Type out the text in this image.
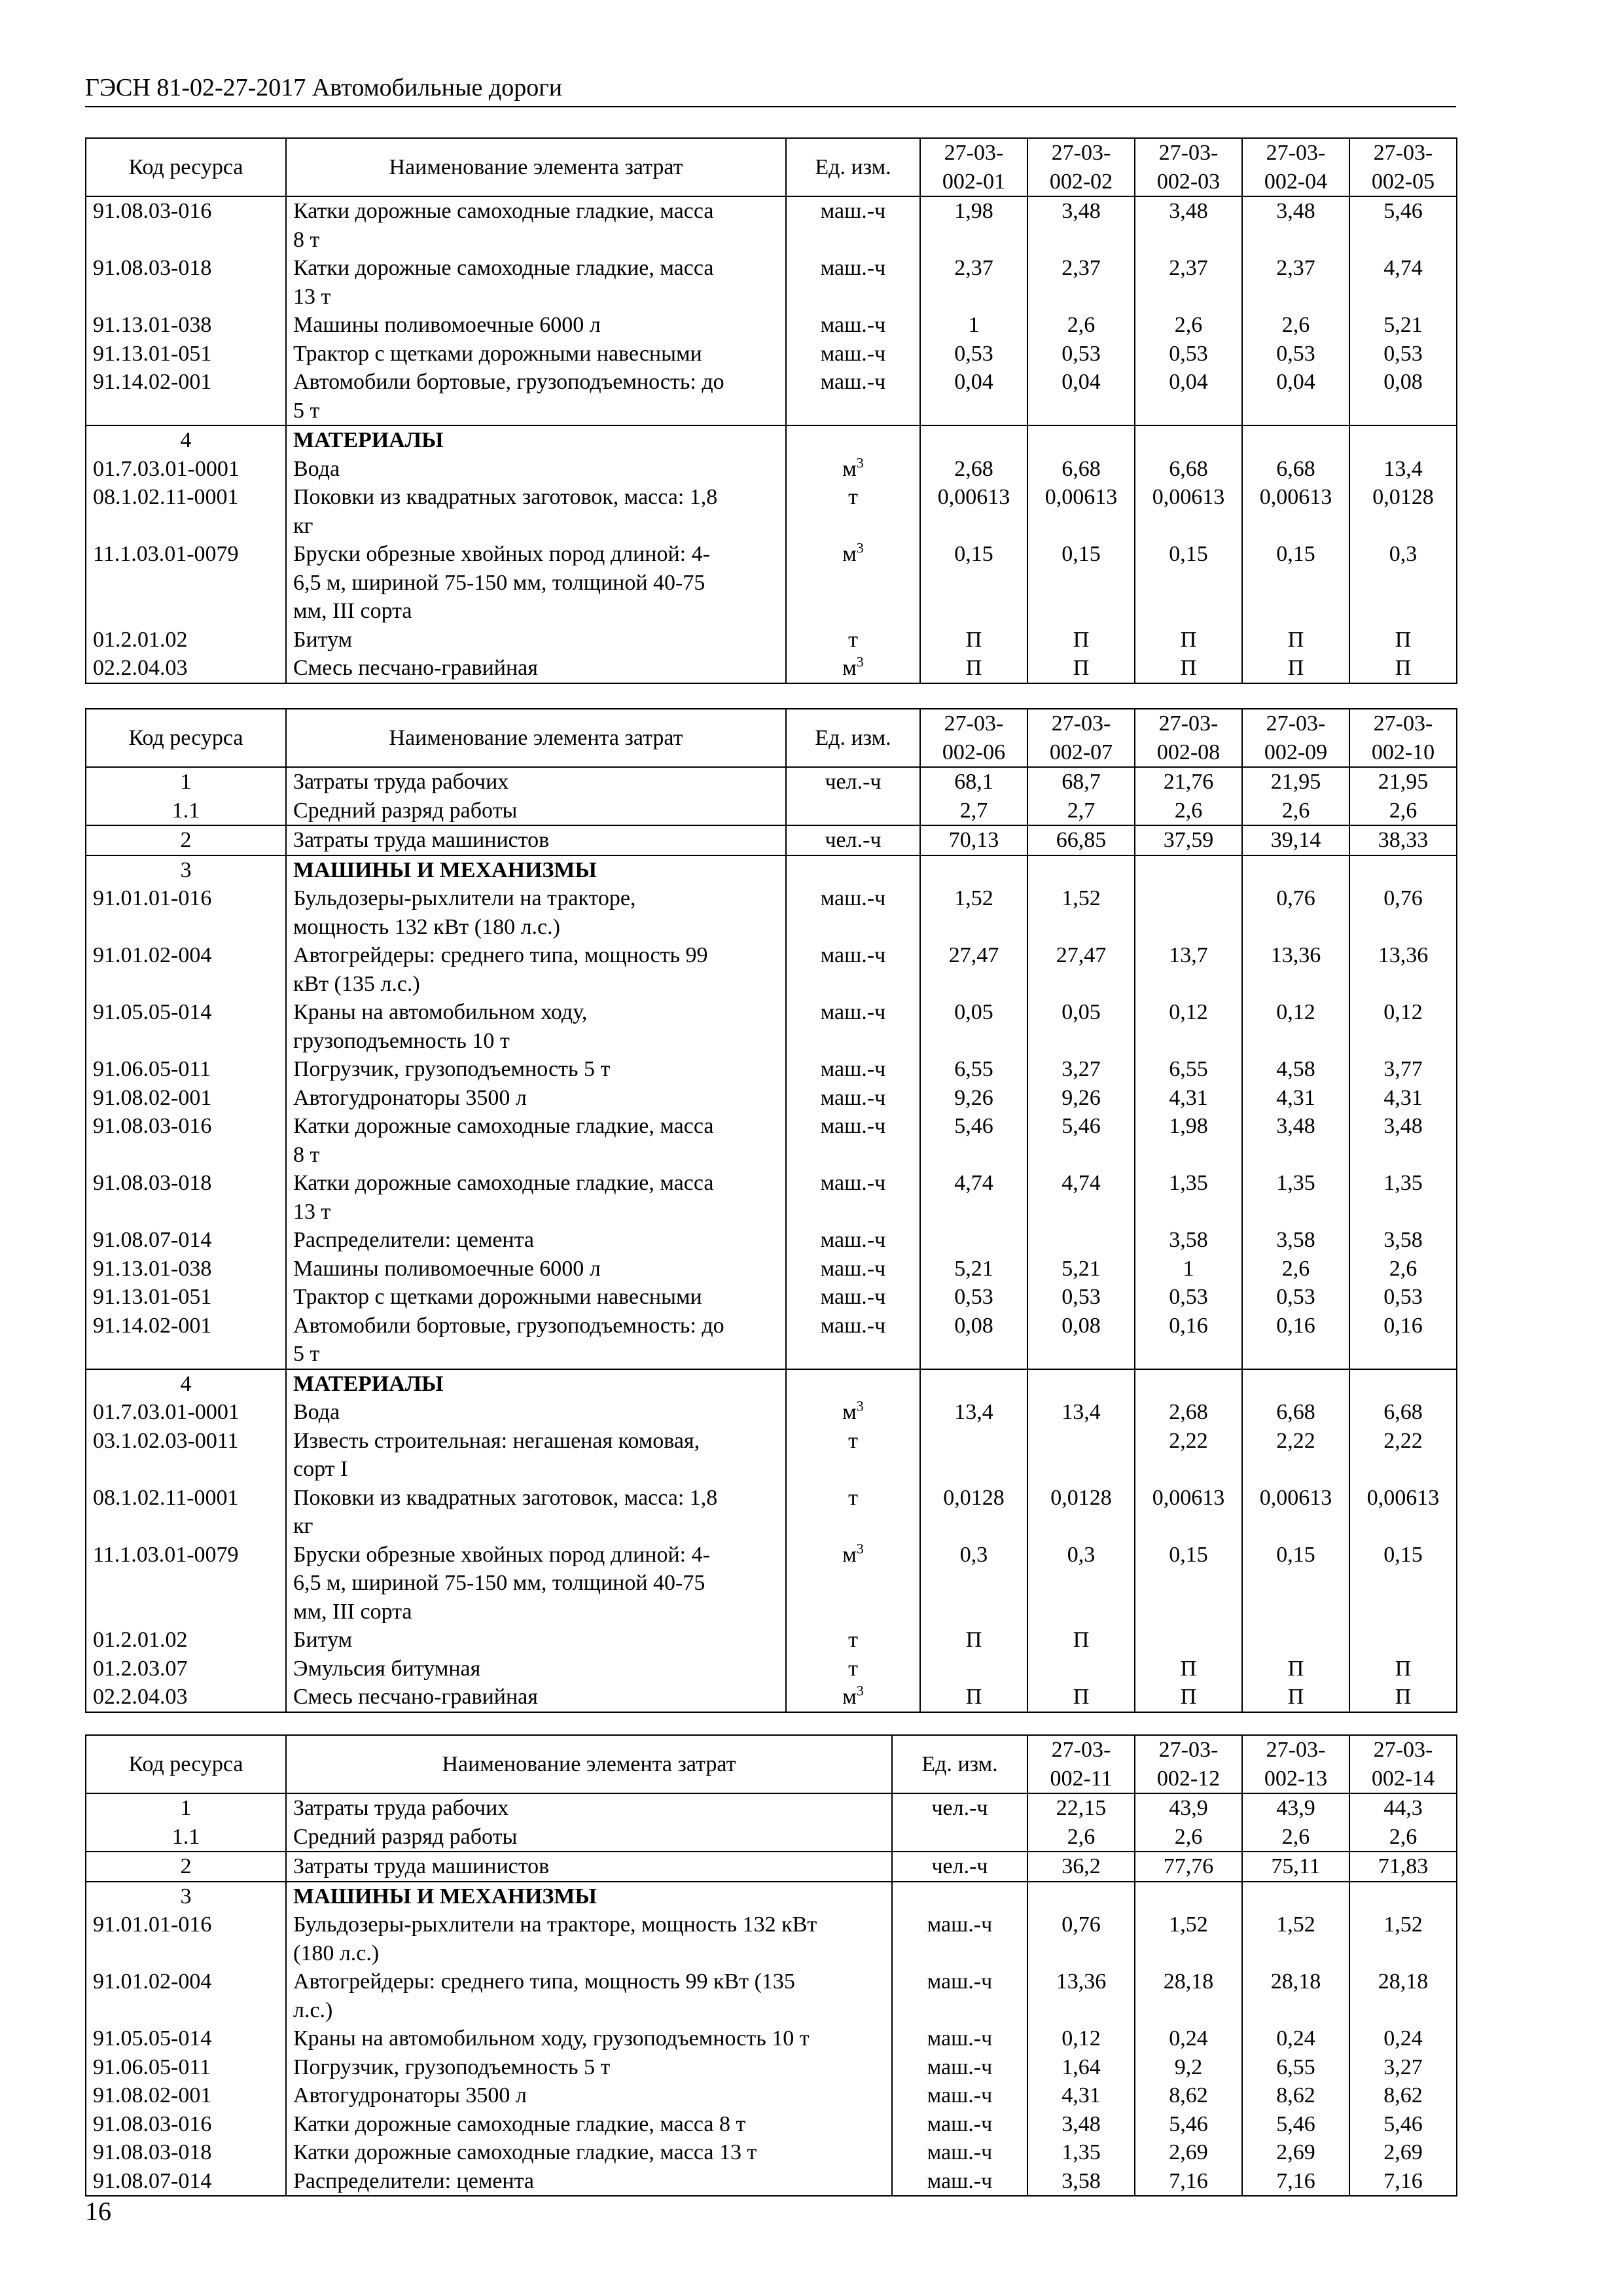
ГЭСН 81-02-27-2017 Автомобильные дороги
Код ресурса	Наименование элемента затрат	Ед. изм.	27-03-
002-01	27-03-
002-02	27-03-
002-03	27-03-
002-04	27-03-
002-05
91.08.03-016	Катки дорожные самоходные гладкие, масса
8 т	маш.-ч	1,98	3,48	3,48	3,48	5,46
91.08.03-018	Катки дорожные самоходные гладкие, масса
13 т	маш.-ч	2,37	2,37	2,37	2,37	4,74
91.13.01-038	Машины поливомоечные 6000 л	маш.-ч	1	2,6	2,6	2,6	5,21
91.13.01-051	Трактор с щетками дорожными навесными	маш.-ч	0,53	0,53	0,53	0,53	0,53
91.14.02-001	Автомобили бортовые, грузоподъемность: до
5 т	маш.-ч	0,04	0,04	0,04	0,04	0,08
4	МАТЕРИАЛЫ						
01.7.03.01-0001	Вода	$м^3$	2,68	6,68	6,68	6,68	13,4
08.1.02.11-0001	Поковки из квадратных заготовок, масса: 1,8
кг	т	0,00613	0,00613	0,00613	0,00613	0,0128
11.1.03.01-0079	Бруски обрезные хвойных пород длиной: 4-
6,5 м, шириной 75-150 мм, толщиной 40-75
мм, III сорта	$м^3$	0,15	0,15	0,15	0,15	0,3
01.2.01.02	Битум	т	П	П	П	П	П
02.2.04.03	Смесь песчано-гравийная	$м^3$	П	П	П	П	П
Код ресурса	Наименование элемента затрат	Ед. изм.	27-03-
002-06	27-03-
002-07	27-03-
002-08	27-03-
002-09	27-03-
002-10
1	Затраты труда рабочих	чел.-ч	68,1	68,7	21,76	21,95	21,95
1.1	Средний разряд работы		2,7	2,7	2,6	2,6	2,6
2	Затраты труда машинистов	чел.-ч	70,13	66,85	37,59	39,14	38,33
3	МАШИНЫ И МЕХАНИЗМЫ						
91.01.01-016	Бульдозеры-рыхлители на тракторе,
мощность 132 кВт (180 л.с.)	маш.-ч	1,52	1,52		0,76	0,76
91.01.02-004	Автогрейдеры: среднего типа, мощность 99
кВт (135 л.с.)	маш.-ч	27,47	27,47	13,7	13,36	13,36
91.05.05-014	Краны на автомобильном ходу,
грузоподъемность 10 т	маш.-ч	0,05	0,05	0,12	0,12	0,12
91.06.05-011	Погрузчик, грузоподъемность 5 т	маш.-ч	6,55	3,27	6,55	4,58	3,77
91.08.02-001	Автогудронаторы 3500 л	маш.-ч	9,26	9,26	4,31	4,31	4,31
91.08.03-016	Катки дорожные самоходные гладкие, масса
8 т	маш.-ч	5,46	5,46	1,98	3,48	3,48
91.08.03-018	Катки дорожные самоходные гладкие, масса
13 т	маш.-ч	4,74	4,74	1,35	1,35	1,35
91.08.07-014	Распределители: цемента	маш.-ч			3,58	3,58	3,58
91.13.01-038	Машины поливомоечные 6000 л	маш.-ч	5,21	5,21	1	2,6	2,6
91.13.01-051	Трактор с щетками дорожными навесными	маш.-ч	0,53	0,53	0,53	0,53	0,53
91.14.02-001	Автомобили бортовые, грузоподъемность: до
5 т	маш.-ч	0,08	0,08	0,16	0,16	0,16
4	МАТЕРИАЛЫ						
01.7.03.01-0001	Вода	$м^3$	13,4	13,4	2,68	6,68	6,68
03.1.02.03-0011	Известь строительная: негашеная комовая,
сорт I	т			2,22	2,22	2,22
08.1.02.11-0001	Поковки из квадратных заготовок, масса: 1,8
кг	т	0,0128	0,0128	0,00613	0,00613	0,00613
11.1.03.01-0079	Бруски обрезные хвойных пород длиной: 4-
6,5 м, шириной 75-150 мм, толщиной 40-75
мм, III сорта	$м^3$	0,3	0,3	0,15	0,15	0,15
01.2.01.02	Битум	т	П	П			
01.2.03.07	Эмульсия битумная	т			П	П	П
02.2.04.03	Смесь песчано-гравийная	$м^3$	П	П	П	П	П
Код ресурса	Наименование элемента затрат	Ед. изм.	27-03-
002-11	27-03-
002-12	27-03-
002-13	27-03-
002-14
1	Затраты труда рабочих	чел.-ч	22,15	43,9	43,9	44,3
1.1	Средний разряд работы		2,6	2,6	2,6	2,6
2	Затраты труда машинистов	чел.-ч	36,2	77,76	75,11	71,83
3	МАШИНЫ И МЕХАНИЗМЫ					
91.01.01-016	Бульдозеры-рыхлители на тракторе, мощность 132 кВт
(180 л.с.)	маш.-ч	0,76	1,52	1,52	1,52
91.01.02-004	Автогрейдеры: среднего типа, мощность 99 кВт (135
л.с.)	маш.-ч	13,36	28,18	28,18	28,18
91.05.05-014	Краны на автомобильном ходу, грузоподъемность 10 т	маш.-ч	0,12	0,24	0,24	0,24
91.06.05-011	Погрузчик, грузоподъемность 5 т	маш.-ч	1,64	9,2	6,55	3,27
91.08.02-001	Автогудронаторы 3500 л	маш.-ч	4,31	8,62	8,62	8,62
91.08.03-016	Катки дорожные самоходные гладкие, масса 8 т	маш.-ч	3,48	5,46	5,46	5,46
91.08.03-018	Катки дорожные самоходные гладкие, масса 13 т	маш.-ч	1,35	2,69	2,69	2,69
91.08.07-014	Распределители: цемента	маш.-ч	3,58	7,16	7,16	7,16
16
